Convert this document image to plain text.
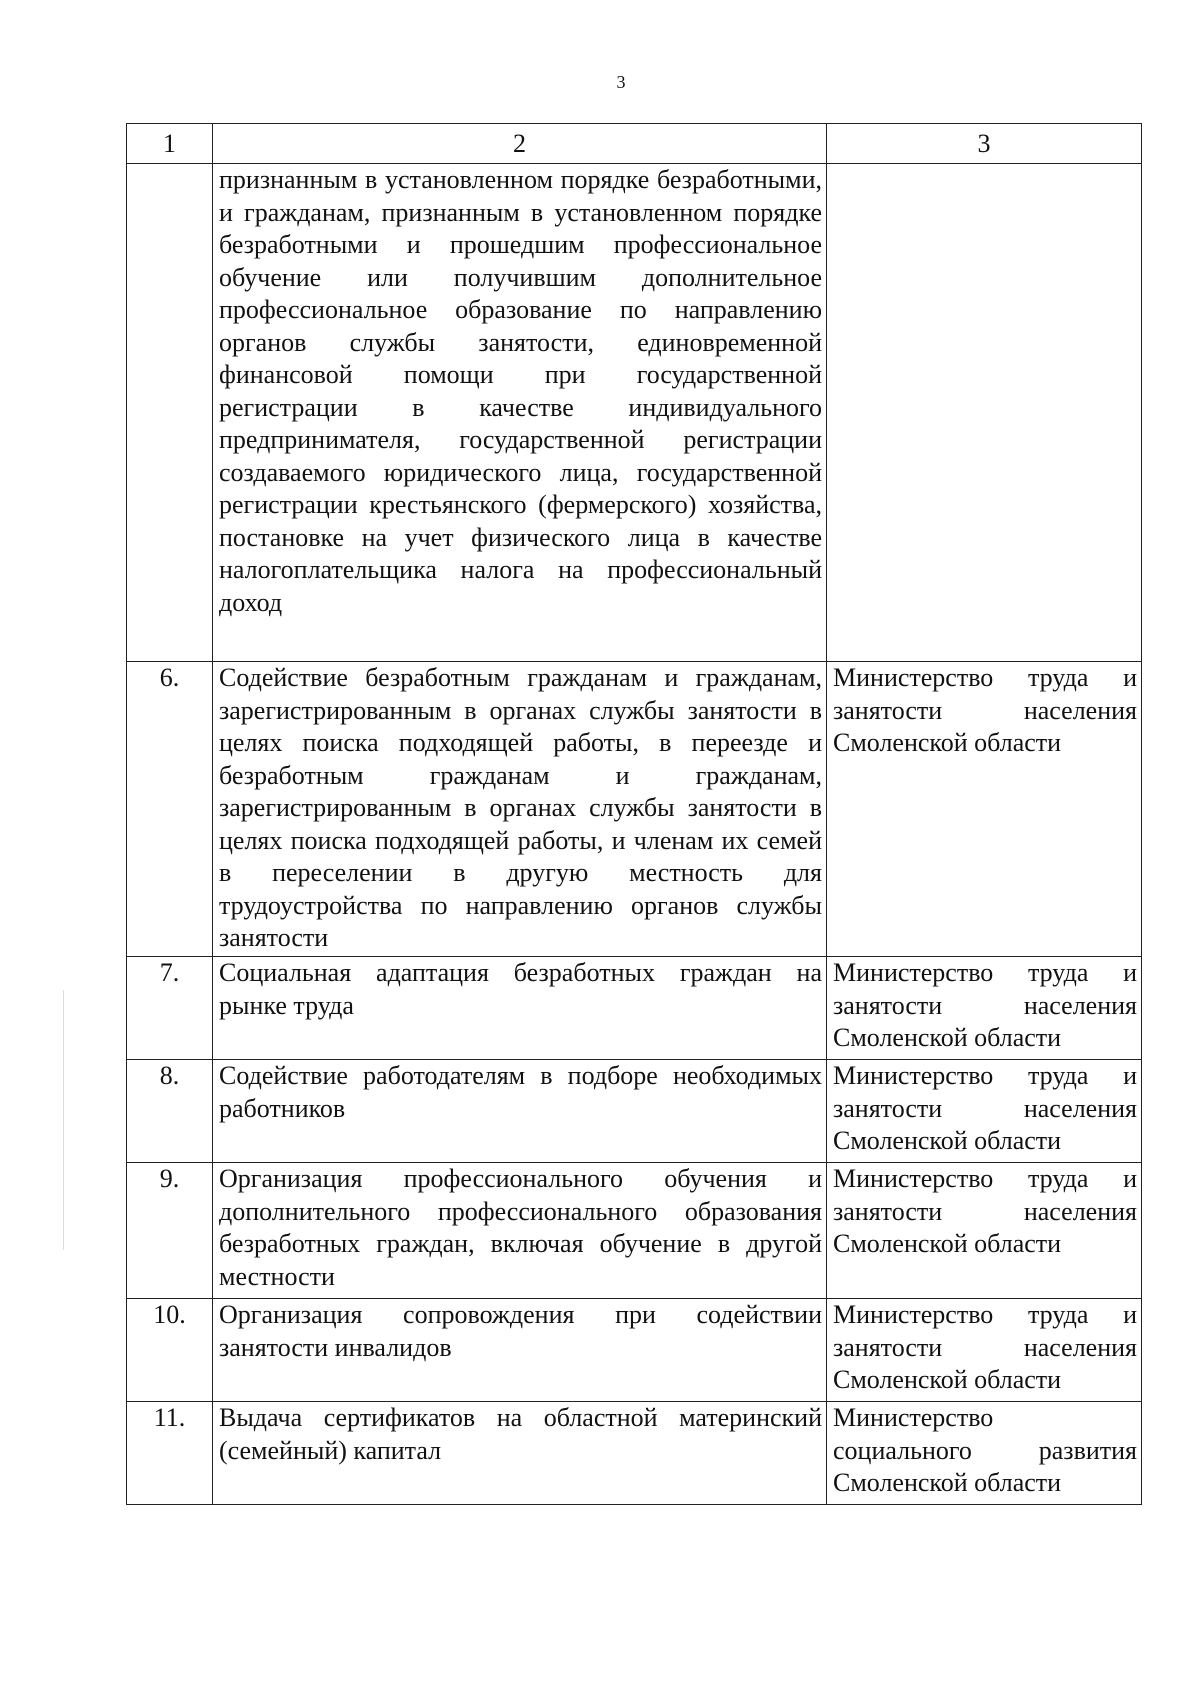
3
1	2	3
	признанным в установленном порядке безработными, и гражданам, признанным в установленном порядке безработными и прошедшим профессиональное обучение или получившим дополнительное профессиональное образование по направлению органов службы занятости, единовременной финансовой помощи при государственной регистрации в качестве индивидуального предпринимателя, государственной регистрации создаваемого юридического лица, государственной регистрации крестьянского (фермерского) хозяйства, постановке на учет физического лица в качестве налогоплательщика налога на профессиональный доход	
6.	Содействие безработным гражданам и гражданам, зарегистрированным в органах службы занятости в целях поиска подходящей работы, в переезде и безработным гражданам и гражданам, зарегистрированным в органах службы занятости в целях поиска подходящей работы, и членам их семей в переселении в другую местность для трудоустройства по направлению органов службы занятости	Министерство труда и занятости населения Смоленской области
7.	Социальная адаптация безработных граждан на рынке труда	Министерство труда и занятости населения Смоленской области
8.	Содействие работодателям в подборе необходимых работников	Министерство труда и занятости населения Смоленской области
9.	Организация профессионального обучения и дополнительного профессионального образования безработных граждан, включая обучение в другой местности	Министерство труда и занятости населения Смоленской области
10.	Организация сопровождения при содействии занятости инвалидов	Министерство труда и занятости населения Смоленской области
11.	Выдача сертификатов на областной материнский (семейный) капитал	Министерство социального развития Смоленской области
